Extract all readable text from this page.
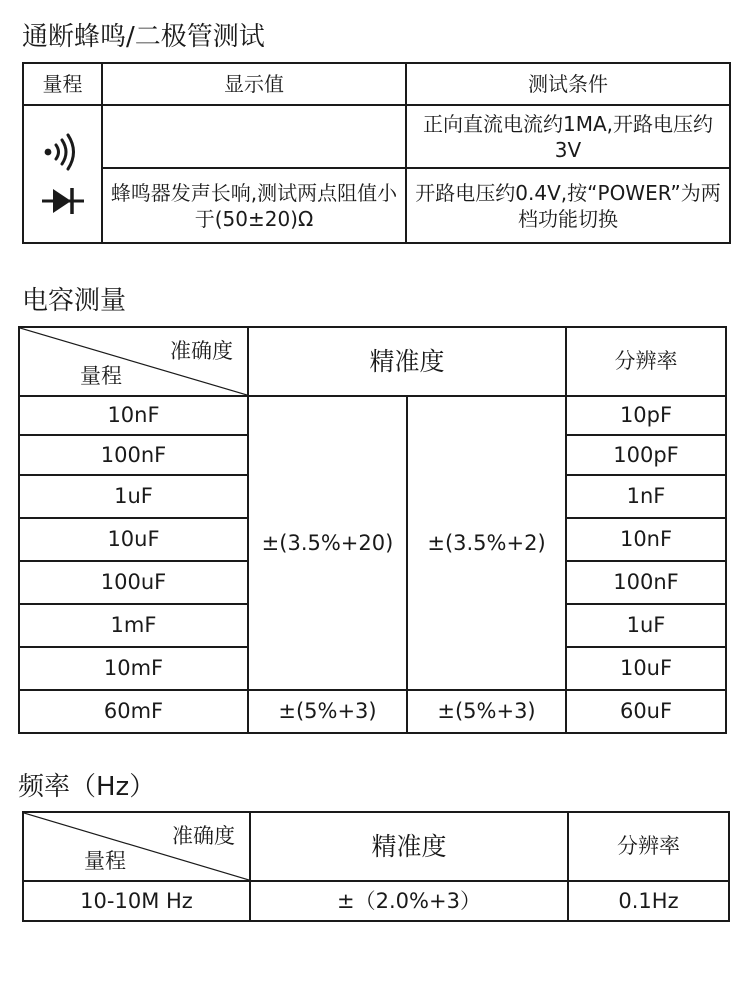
通断蜂鸣/二极管测试
量程	显示值	测试条件

		正向直流电流约1MA,开路电压约3V
	蜂鸣器发声长响,测试两点阻值小于(50±20)Ω	开路电压约0.4V,按“POWER”为两档功能切换
电容测量
准确度
量程	精准度		分辨率
10nF	±(3.5%+20)	±(3.5%+2)	10pF
100nF			100pF
1uF			1nF
10uF			10nF
100uF			100nF
1mF			1uF
10mF			10uF
60mF	±(5%+3)	±(5%+3)	60uF
频率（Hz）
准确度
量程	精准度	分辨率
10-10M Hz	±（2.0%+3）	0.1Hz
